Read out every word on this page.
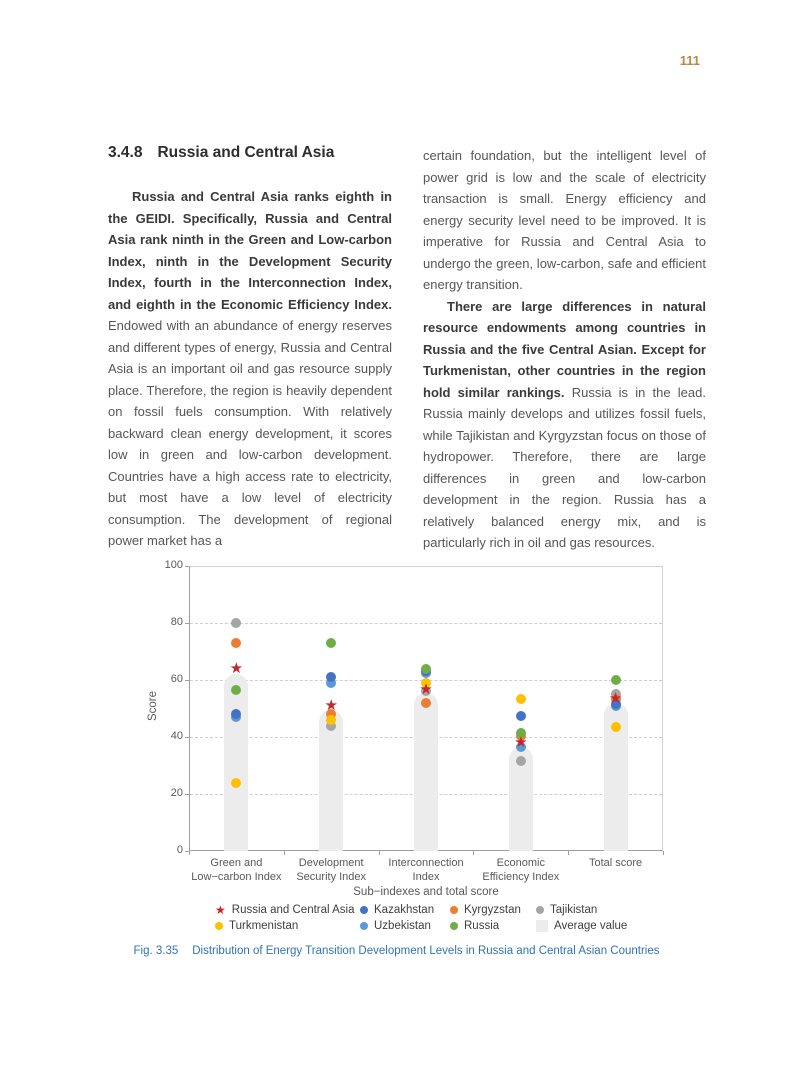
111
3.4.8 Russia and Central Asia

Russia and Central Asia ranks eighth in the GEIDI. Specifically, Russia and Central Asia rank ninth in the Green and Low-carbon Index, ninth in the Development Security Index, fourth in the Interconnection Index, and eighth in the Economic Efficiency Index. Endowed with an abundance of energy reserves and different types of energy, Russia and Central Asia is an important oil and gas resource supply place. Therefore, the region is heavily dependent on fossil fuels consumption. With relatively backward clean energy development, it scores low in green and low-carbon development. Countries have a high access rate to electricity, but most have a low level of electricity consumption. The development of regional power market has a

certain foundation, but the intelligent level of power grid is low and the scale of electricity transaction is small. Energy efficiency and energy security level need to be improved. It is imperative for Russia and Central Asia to undergo the green, low-carbon, safe and efficient energy transition.

There are large differences in natural resource endowments among countries in Russia and the five Central Asian. Except for Turkmenistan, other countries in the region hold similar rankings. Russia is in the lead. Russia mainly develops and utilizes fossil fuels, while Tajikistan and Kyrgyzstan focus on those of hydropower. Therefore, there are large differences in green and low-carbon development in the region. Russia has a relatively balanced energy mix, and is particularly rich in oil and gas resources.

Score
Sub−indexes and total score
Fig. 3.35 Distribution of Energy Transition Development Levels in Russia and Central Asian Countries
0
20
40
60
80
100
★
★
★
★
★
Green and
Low−carbon Index
Development
Security Index
Interconnection
Index
Economic
Efficiency Index
Total score
★ Russia and Central Asia Kazakhstan	Kyrgyzstan	Tajikistan
Turkmenistan	Uzbekistan	Russia	Average value
